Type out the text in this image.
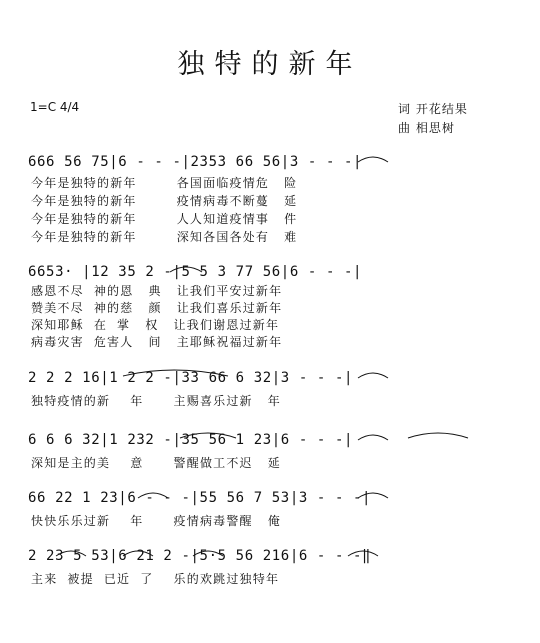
独特的新年
1=C 4/4	词 开花结果
曲 相思树
666 56 75|6 - - -|2353 66 56|3 - - -|
今年是独特的新年        各国面临疫情危   险
今年是独特的新年        疫情病毒不断蔓   延
今年是独特的新年        人人知道疫情事   件
今年是独特的新年        深知各国各处有   难
6653· |12 35 2 -|5 5 3 77 56|6 - - -|
感恩不尽  神的恩   典   让我们平安过新年
赞美不尽  神的慈   颜   让我们喜乐过新年
深知耶稣  在  掌   权   让我们谢恩过新年
病毒灾害  危害人   间   主耶稣祝福过新年
2 2 2 16|1 2 2 -|33 66 6 32|3 - - -|
独特疫情的新    年      主赐喜乐过新   年
6 6 6 32|1 232 -|35 56 1 23|6 - - -|
深知是主的美    意      警醒做工不迟   延
66 22 1 23|6 - - -|55 56 7 53|3 - - -|
快快乐乐过新    年      疫情病毒警醒   俺
2 23 5 53|6 21 2 -|5·5 56 216|6 - - -‖
主来  被提  已近  了    乐的欢跳过独特年
